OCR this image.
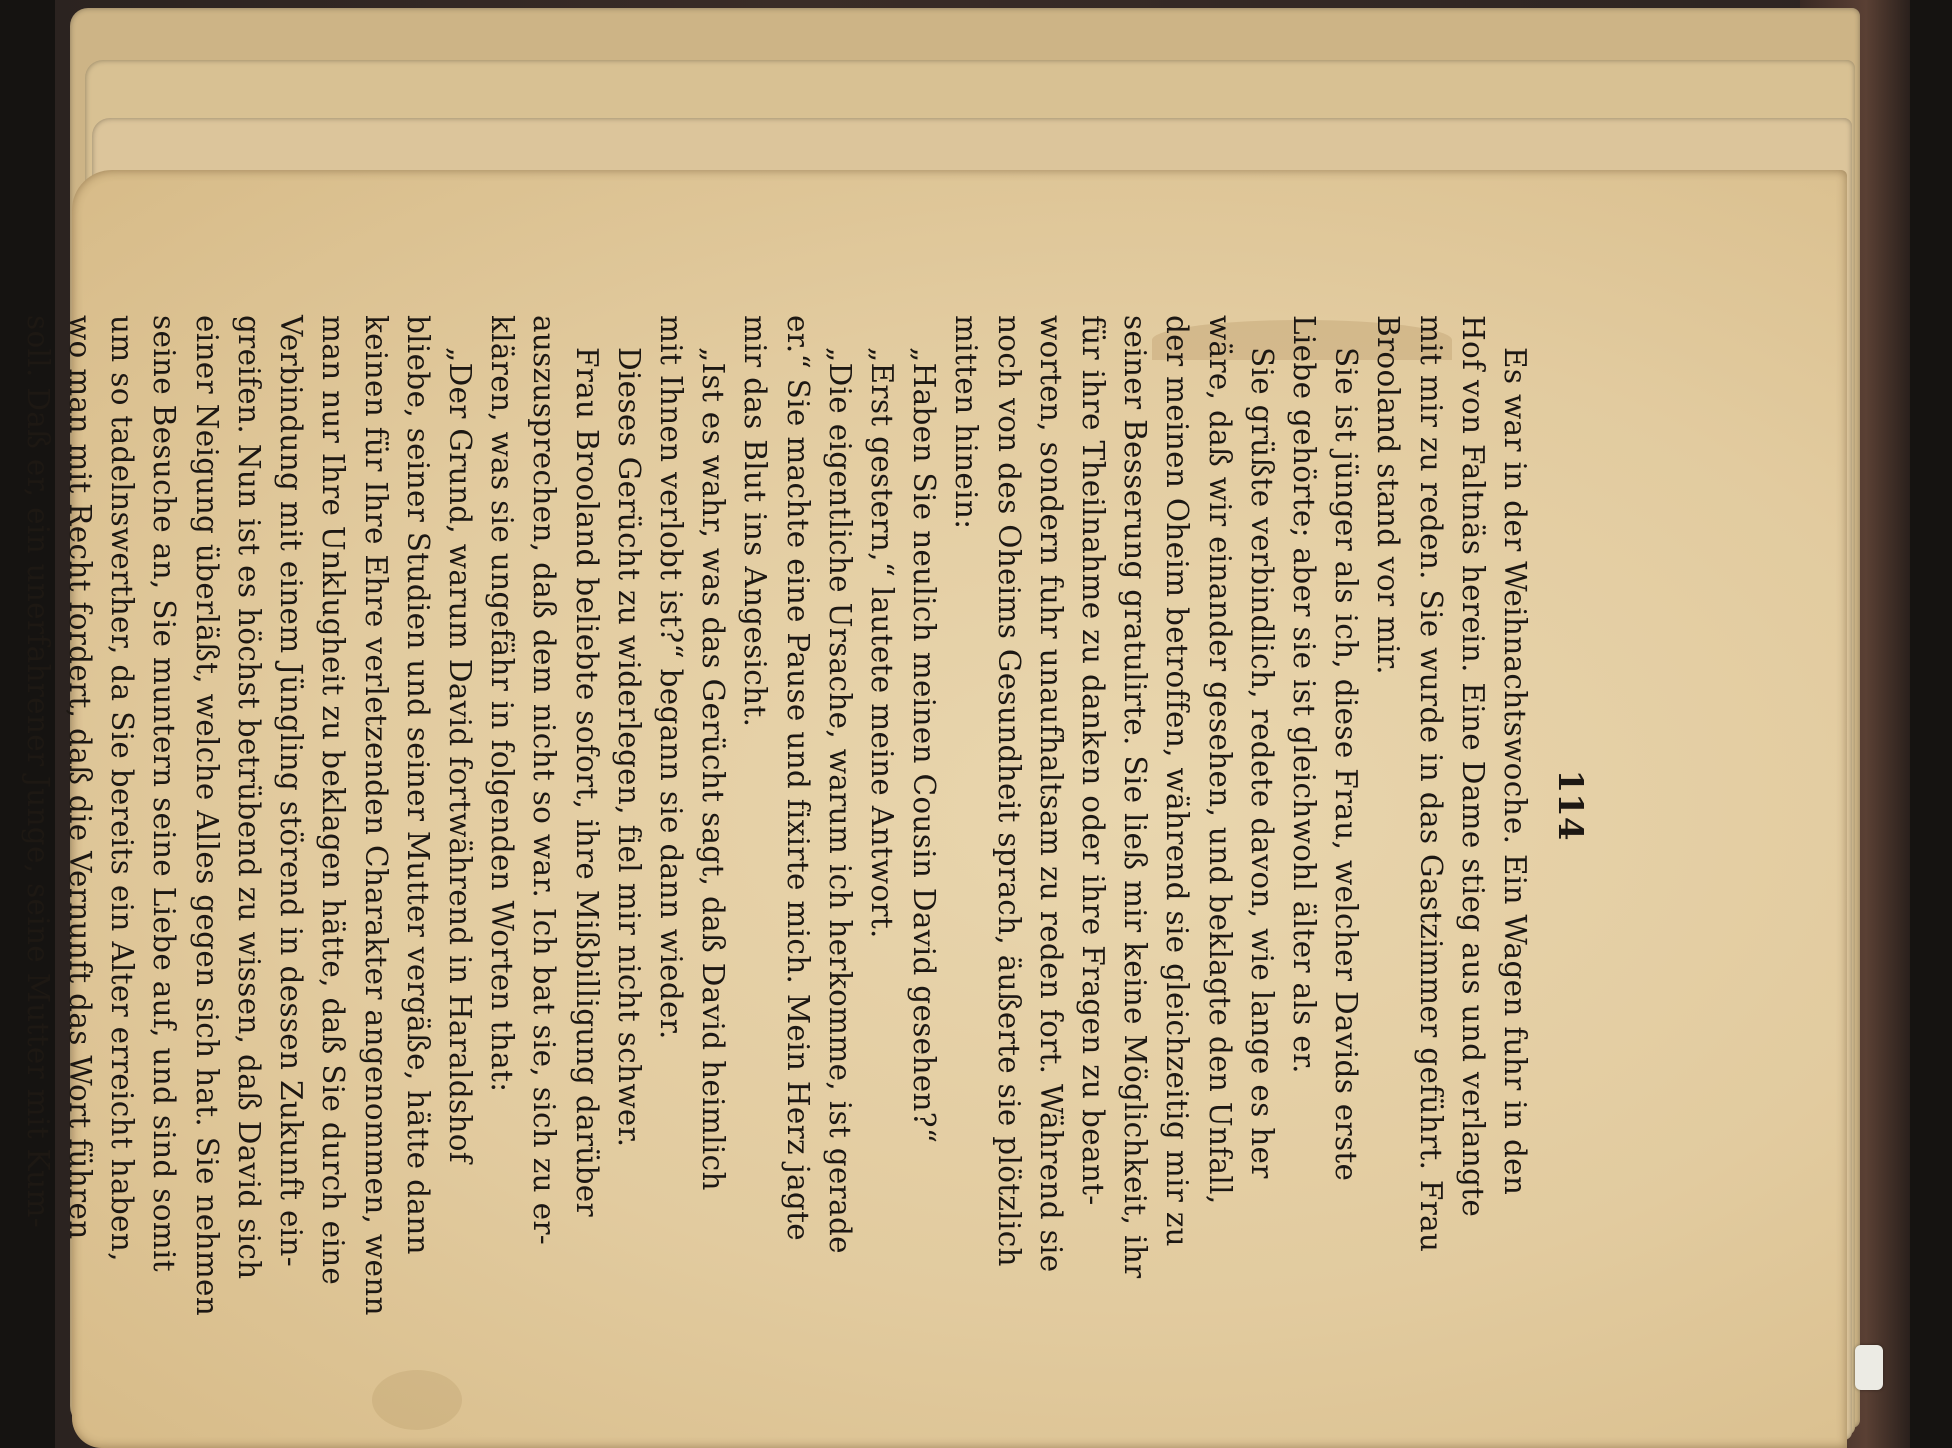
114
Es war in der Weihnachtswoche. Ein Wagen fuhr in den
Hof von Faltnäs herein. Eine Dame stieg aus und verlangte
mit mir zu reden. Sie wurde in das Gastzimmer geführt. Frau
Brooland stand vor mir.
Sie ist jünger als ich, diese Frau, welcher Davids erste
Liebe gehörte; aber sie ist gleichwohl älter als er.
Sie grüßte verbindlich, redete davon, wie lange es her
wäre, daß wir einander gesehen, und beklagte den Unfall,
der meinen Oheim betroffen, während sie gleichzeitig mir zu
seiner Besserung gratulirte. Sie ließ mir keine Möglichkeit, ihr
für ihre Theilnahme zu danken oder ihre Fragen zu beant-
worten, sondern fuhr unaufhaltsam zu reden fort. Während sie
noch von des Oheims Gesundheit sprach, äußerte sie plötzlich
mitten hinein:
„Haben Sie neulich meinen Cousin David gesehen?“
„Erst gestern,“ lautete meine Antwort.
„Die eigentliche Ursache, warum ich herkomme, ist gerade
er.“ Sie machte eine Pause und fixirte mich. Mein Herz jagte
mir das Blut ins Angesicht.
„Ist es wahr, was das Gerücht sagt, daß David heimlich
mit Ihnen verlobt ist?“ begann sie dann wieder.
Dieses Gerücht zu widerlegen, fiel mir nicht schwer.
Frau Brooland beliebte sofort, ihre Mißbilligung darüber
auszusprechen, daß dem nicht so war. Ich bat sie, sich zu er-
klären, was sie ungefähr in folgenden Worten that:
„Der Grund, warum David fortwährend in Haraldshof
bliebe, seiner Studien und seiner Mutter vergäße, hätte dann
keinen für Ihre Ehre verletzenden Charakter angenommen, wenn
man nur Ihre Unklugheit zu beklagen hätte, daß Sie durch eine
Verbindung mit einem Jüngling störend in dessen Zukunft ein-
greifen. Nun ist es höchst betrübend zu wissen, daß David sich
einer Neigung überläßt, welche Alles gegen sich hat. Sie nehmen
seine Besuche an, Sie muntern seine Liebe auf, und sind somit
um so tadelnswerther, da Sie bereits ein Alter erreicht haben,
wo man mit Recht fordert, daß die Vernunft das Wort führen
soll. Daß er, ein unerfahrener Junge, seine Mutter mit Kum-
